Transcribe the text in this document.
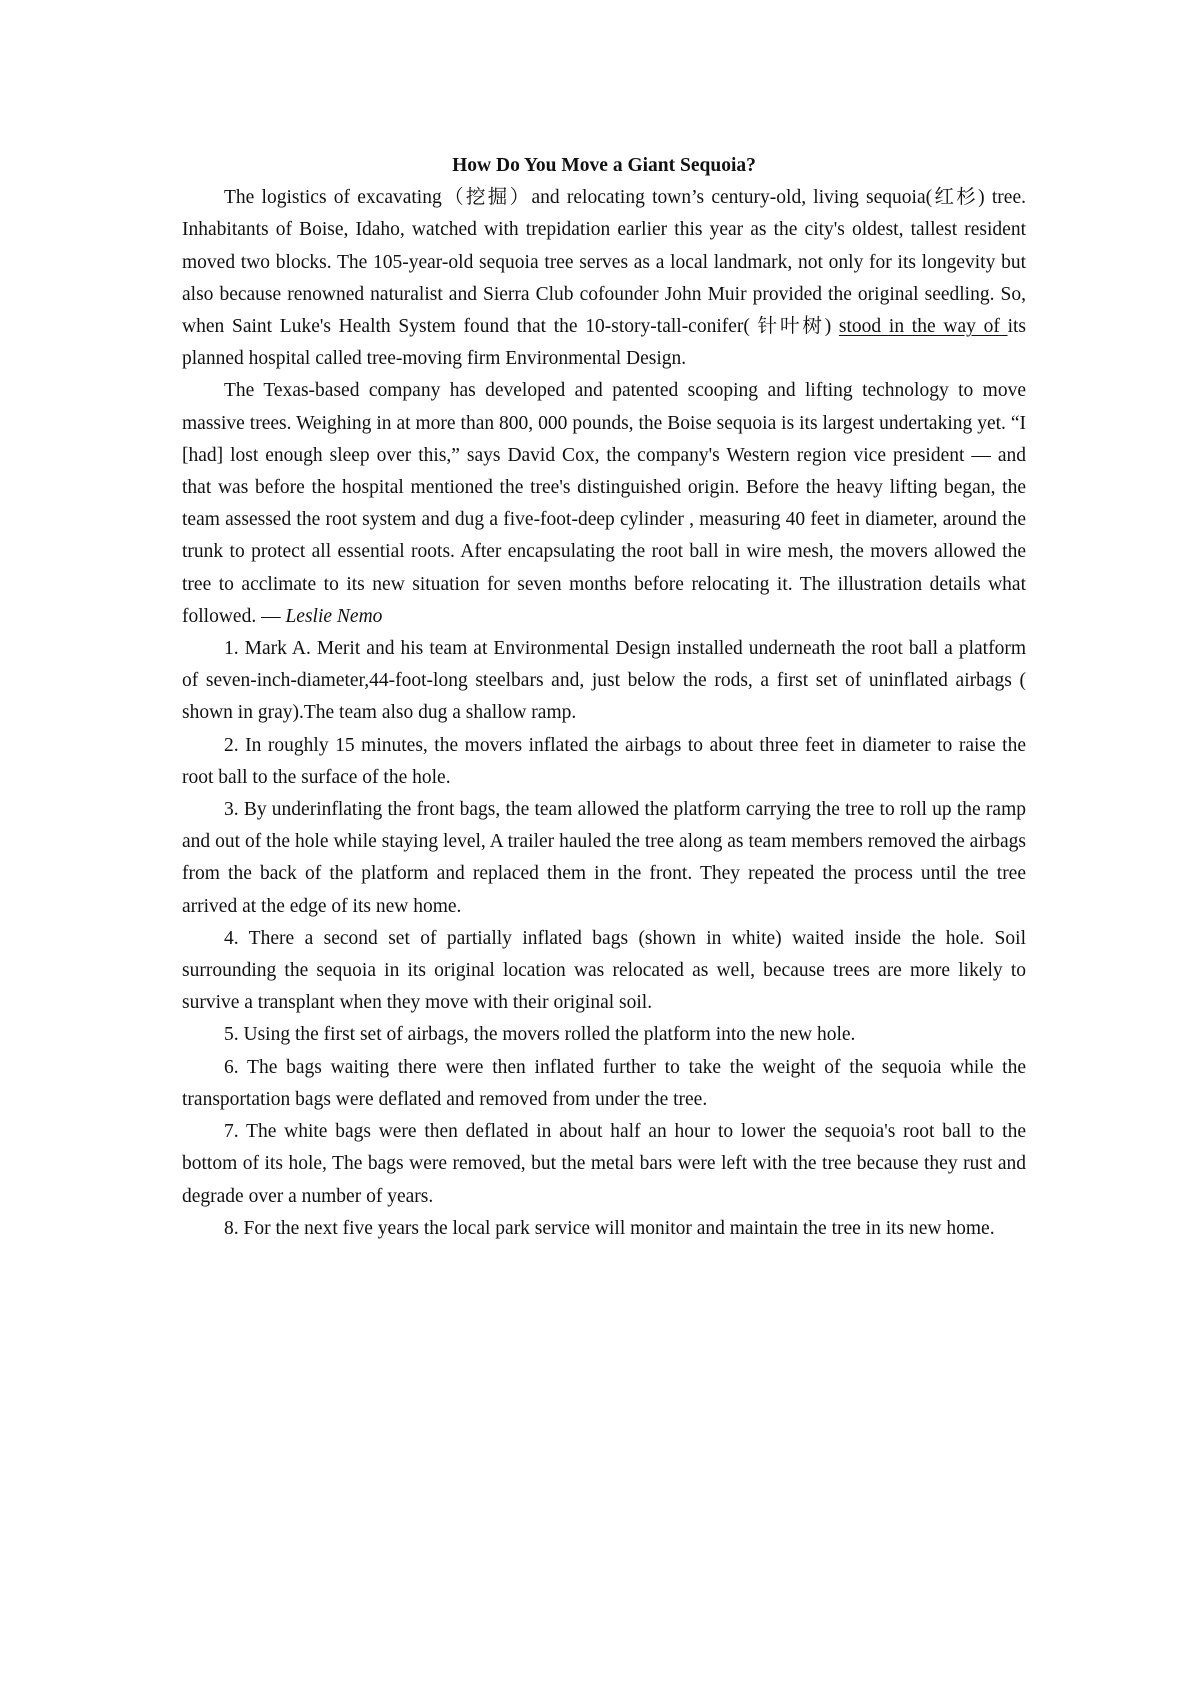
How Do You Move a Giant Sequoia?

The logistics of excavating（挖掘）and relocating town’s century-old, living sequoia(红杉) tree. Inhabitants of Boise, Idaho, watched with trepidation earlier this year as the city's oldest, tallest resident moved two blocks. The 105-year-old sequoia tree serves as a local landmark, not only for its longevity but also because renowned naturalist and Sierra Club cofounder John Muir provided the original seedling. So, when Saint Luke's Health System found that the 10-story-tall-conifer( 针叶树) stood in the way of its planned hospital called tree-moving firm Environmental Design.

The Texas-based company has developed and patented scooping and lifting technology to move massive trees. Weighing in at more than 800, 000 pounds, the Boise sequoia is its largest undertaking yet. “I [had] lost enough sleep over this,” says David Cox, the company's Western region vice president — and that was before the hospital mentioned the tree's distinguished origin. Before the heavy lifting began, the team assessed the root system and dug a five-foot-deep cylinder , measuring 40 feet in diameter, around the trunk to protect all essential roots. After encapsulating the root ball in wire mesh, the movers allowed the tree to acclimate to its new situation for seven months before relocating it. The illustration details what followed. — Leslie Nemo

1. Mark A. Merit and his team at Environmental Design installed underneath the root ball a platform of seven-inch-diameter,44-foot-long steelbars and, just below the rods, a first set of uninflated airbags ( shown in gray).The team also dug a shallow ramp.

2. In roughly 15 minutes, the movers inflated the airbags to about three feet in diameter to raise the root ball to the surface of the hole.

3. By underinflating the front bags, the team allowed the platform carrying the tree to roll up the ramp and out of the hole while staying level, A trailer hauled the tree along as team members removed the airbags from the back of the platform and replaced them in the front. They repeated the process until the tree arrived at the edge of its new home.

4. There a second set of partially inflated bags (shown in white) waited inside the hole. Soil surrounding the sequoia in its original location was relocated as well, because trees are more likely to survive a transplant when they move with their original soil.

5. Using the first set of airbags, the movers rolled the platform into the new hole.

6. The bags waiting there were then inflated further to take the weight of the sequoia while the transportation bags were deflated and removed from under the tree.

7. The white bags were then deflated in about half an hour to lower the sequoia's root ball to the bottom of its hole, The bags were removed, but the metal bars were left with the tree because they rust and degrade over a number of years.

8. For the next five years the local park service will monitor and maintain the tree in its new home.
